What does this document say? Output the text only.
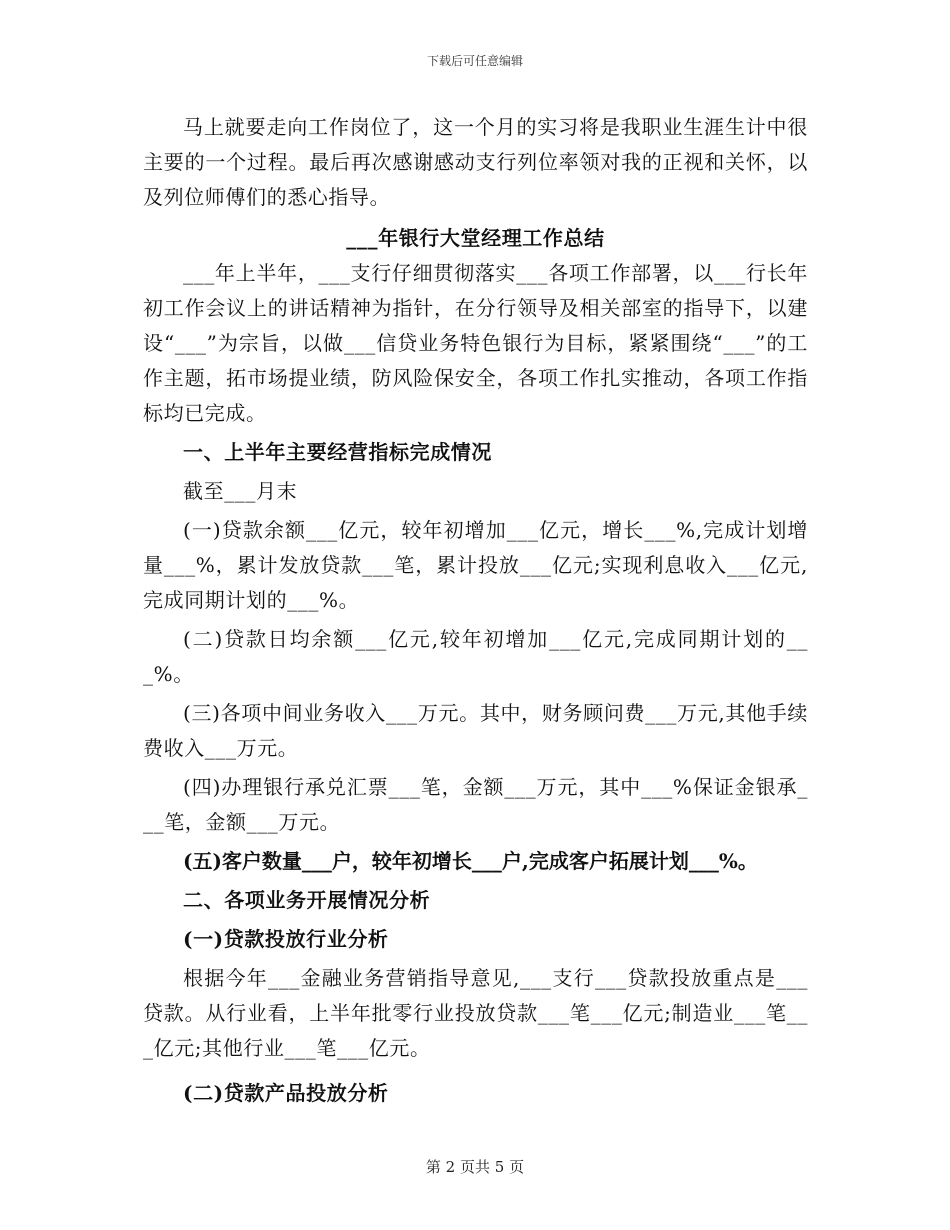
下载后可任意编辑

马上就要走向工作岗位了，这一个月的实习将是我职业生涯生计中很主要的一个过程。最后再次感谢感动支行列位率领对我的正视和关怀，以及列位师傅们的悉心指导。

___年银行大堂经理工作总结

___年上半年，___支行仔细贯彻落实___各项工作部署，以___行长年初工作会议上的讲话精神为指针，在分行领导及相关部室的指导下，以建设“___”为宗旨，以做___信贷业务特色银行为目标，紧紧围绕“___”的工作主题，拓市场提业绩，防风险保安全，各项工作扎实推动，各项工作指标均已完成。

一、上半年主要经营指标完成情况

截至___月末

(一)贷款余额___亿元，较年初增加___亿元，增长___%,完成计划增量___%，累计发放贷款___笔，累计投放___亿元;实现利息收入___亿元,完成同期计划的___%。

(二)贷款日均余额___亿元,较年初增加___亿元,完成同期计划的___%。

(三)各项中间业务收入___万元。其中，财务顾问费___万元,其他手续费收入___万元。

(四)办理银行承兑汇票___笔，金额___万元，其中___%保证金银承___笔，金额___万元。

(五)客户数量___户，较年初增长___户,完成客户拓展计划___%。

二、各项业务开展情况分析

(一)贷款投放行业分析

根据今年___金融业务营销指导意见,___支行___贷款投放重点是___贷款。从行业看，上半年批零行业投放贷款___笔___亿元;制造业___笔___亿元;其他行业___笔___亿元。

(二)贷款产品投放分析

第 2 页共 5 页
